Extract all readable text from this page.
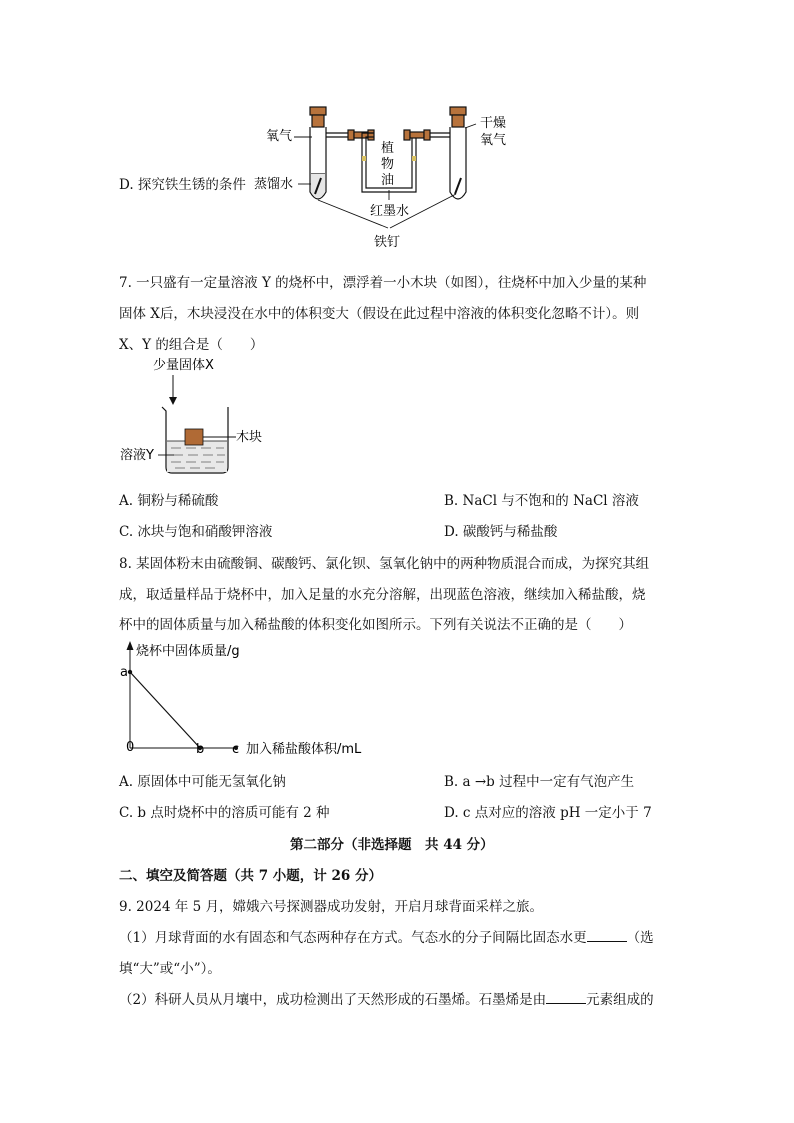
D. 探究铁生锈的条件
氧气
干燥
氧气
植
物
油
蒸馏水
红墨水
铁钉
7. 一只盛有一定量溶液 Y 的烧杯中，漂浮着一小木块（如图），往烧杯中加入少量的某种
固体 X后，木块浸没在水中的体积变大（假设在此过程中溶液的体积变化忽略不计）。则
X、Y 的组合是（　　）
少量固体X
木块
溶液Y
A. 铜粉与稀硫酸	B. NaCl 与不饱和的 NaCl 溶液
C. 冰块与饱和硝酸钾溶液	D. 碳酸钙与稀盐酸
8. 某固体粉末由硫酸铜、碳酸钙、氯化钡、氢氧化钠中的两种物质混合而成，为探究其组
成，取适量样品于烧杯中，加入足量的水充分溶解，出现蓝色溶液，继续加入稀盐酸，烧
杯中的固体质量与加入稀盐酸的体积变化如图所示。下列有关说法不正确的是（　　）
烧杯中固体质量/g
加入稀盐酸体积/mL
a
0	b c
A. 原固体中可能无氢氧化钠	B. a →b 过程中一定有气泡产生
C. b 点时烧杯中的溶质可能有 2 种	D. c 点对应的溶液 pH 一定小于 7
第二部分（非选择题　共 44 分）
二、填空及简答题（共 7 小题，计 26 分）
9. 2024 年 5 月，嫦娥六号探测器成功发射，开启月球背面采样之旅。
（1）月球背面的水有固态和气态两种存在方式。气态水的分子间隔比固态水更	（选
填“大”或“小”）。
（2）科研人员从月壤中，成功检测出了天然形成的石墨烯。石墨烯是由	元素组成的
